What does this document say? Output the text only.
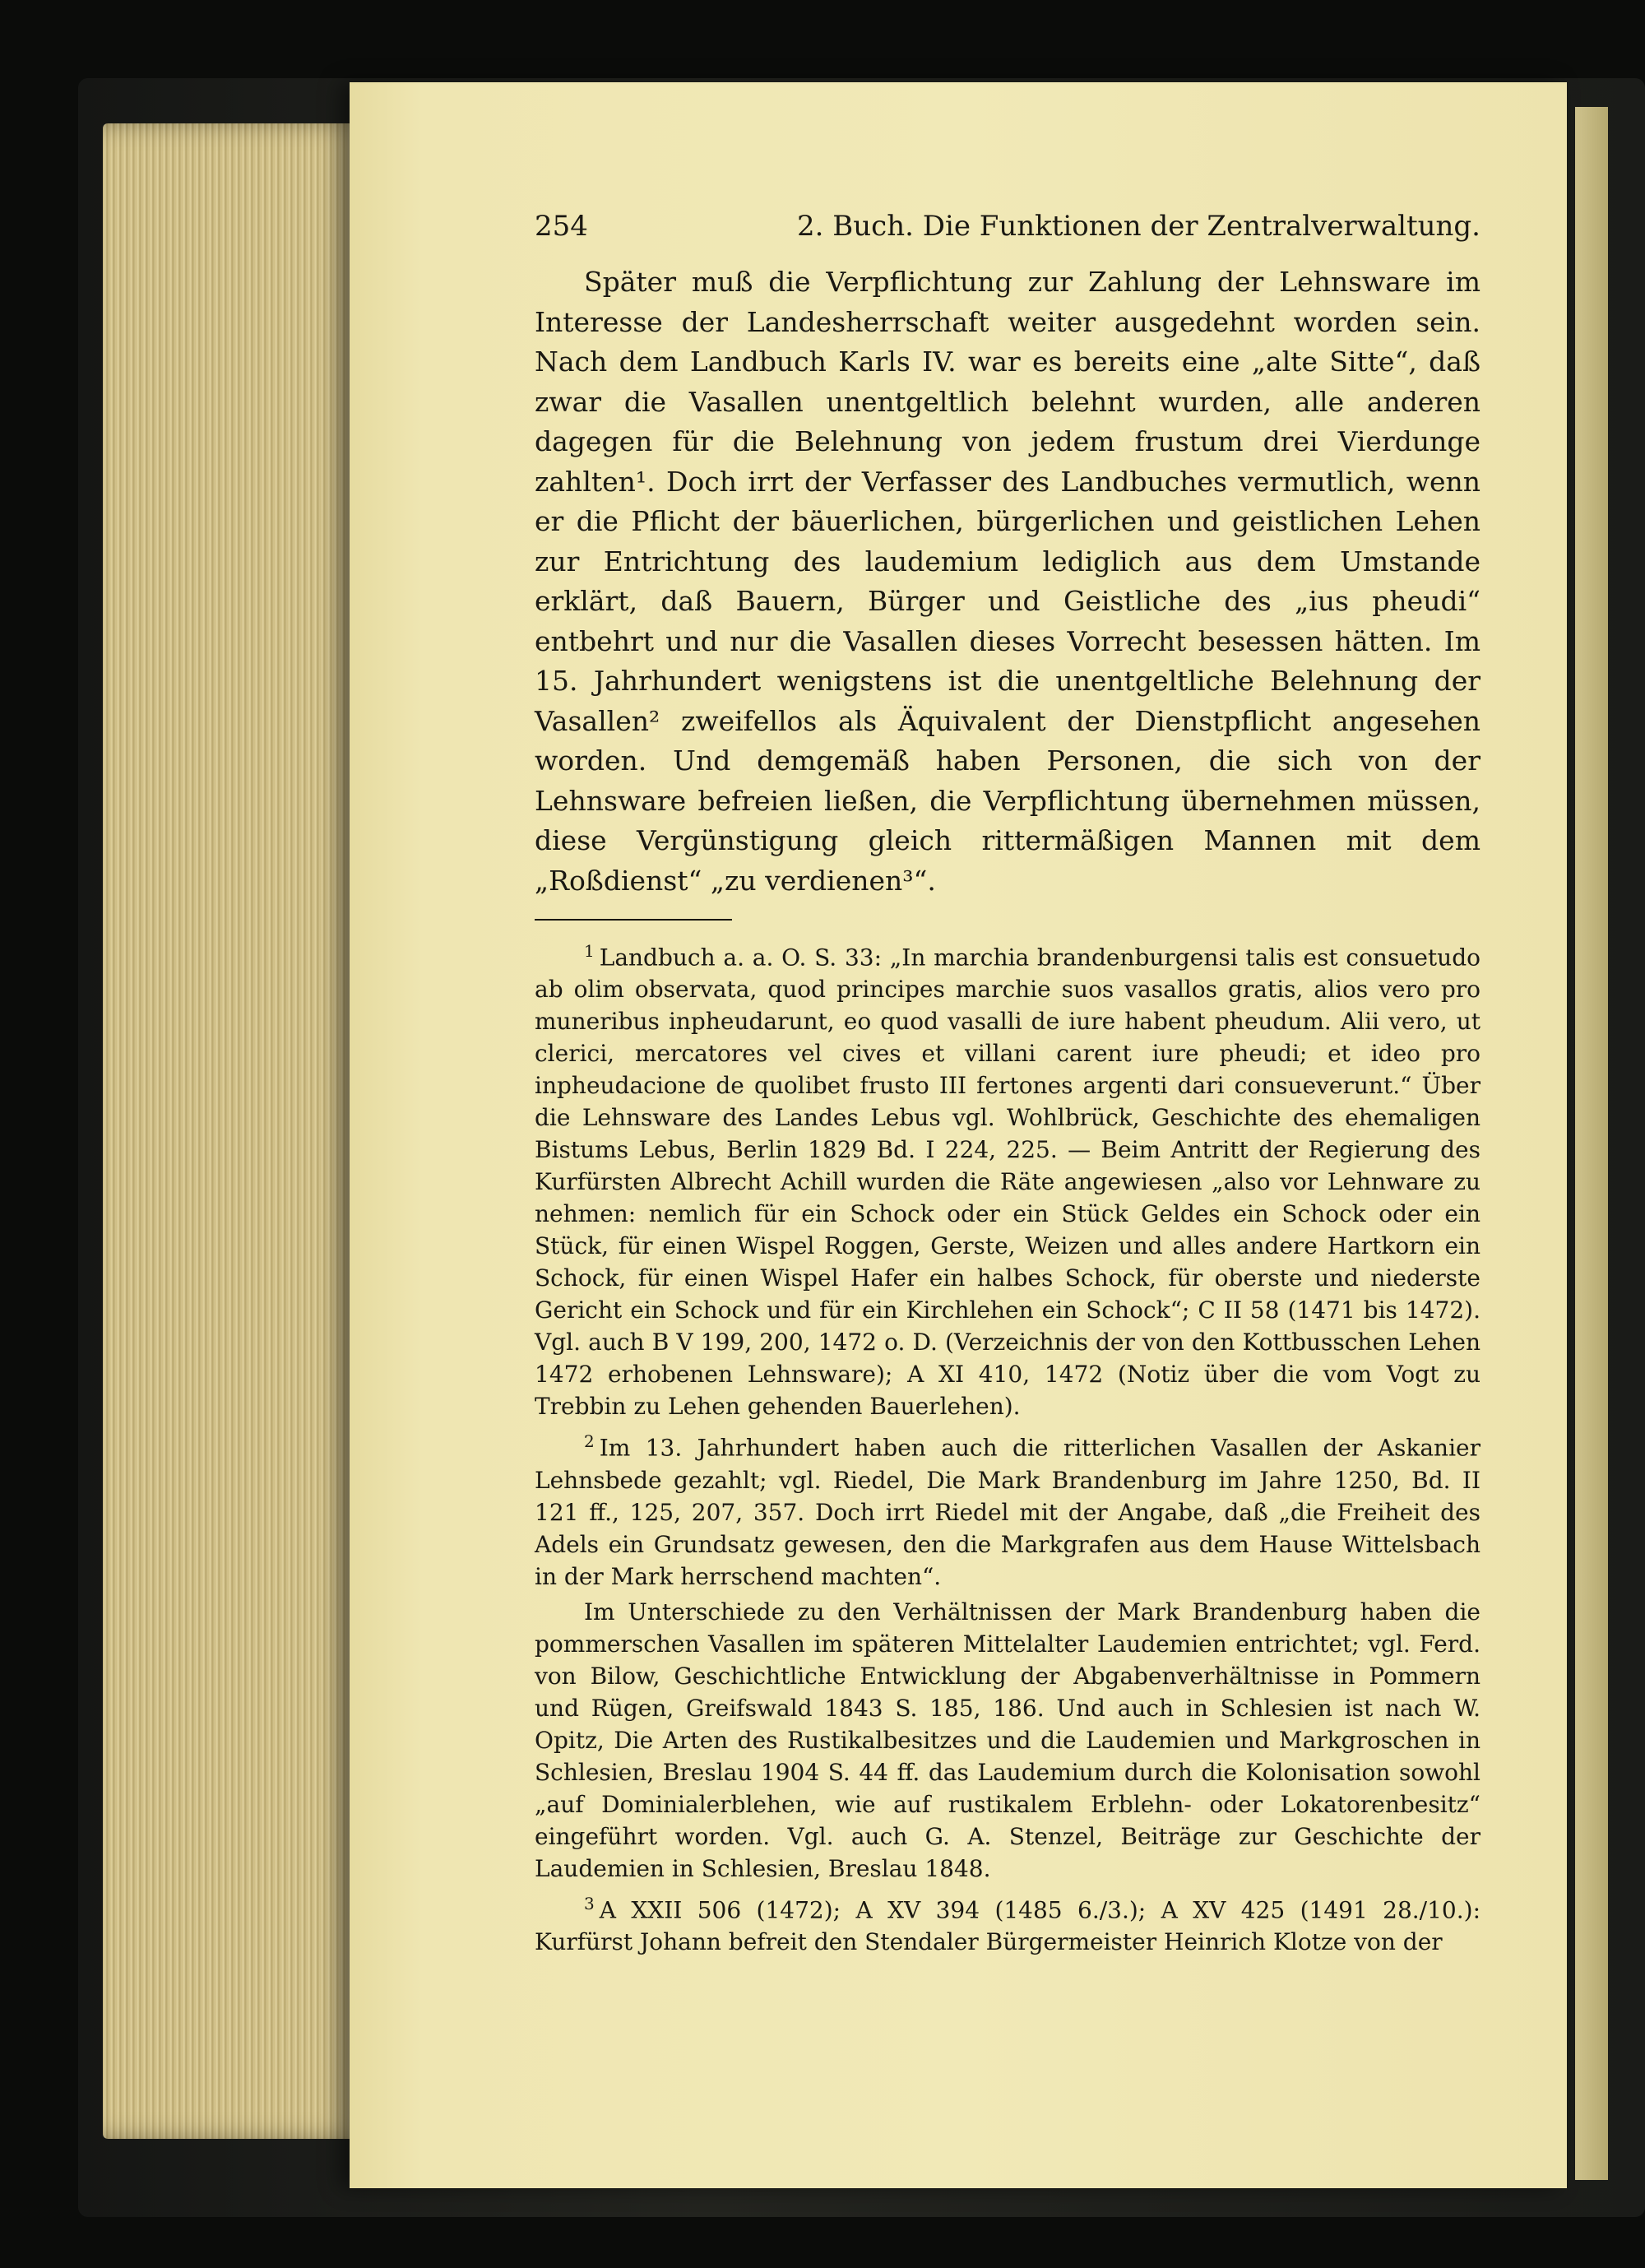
254	2. Buch. Die Funktionen der Zentralverwaltung.

Später muß die Verpflichtung zur Zahlung der Lehnsware im Interesse der Landesherrschaft weiter ausgedehnt worden sein. Nach dem Landbuch Karls IV. war es bereits eine „alte Sitte“, daß zwar die Vasallen unentgeltlich belehnt wurden, alle anderen dagegen für die Belehnung von jedem frustum drei Vierdunge zahlten¹. Doch irrt der Verfasser des Landbuches vermutlich, wenn er die Pflicht der bäuerlichen, bürgerlichen und geistlichen Lehen zur Entrichtung des laudemium lediglich aus dem Umstande erklärt, daß Bauern, Bürger und Geistliche des „ius pheudi“ entbehrt und nur die Vasallen dieses Vorrecht besessen hätten. Im 15. Jahrhundert wenigstens ist die unentgeltliche Belehnung der Vasallen² zweifellos als Äquivalent der Dienstpflicht angesehen worden. Und demgemäß haben Personen, die sich von der Lehnsware befreien ließen, die Verpflichtung übernehmen müssen, diese Vergünstigung gleich rittermäßigen Mannen mit dem „Roßdienst“ „zu verdienen³“.

$^1$ Landbuch a. a. O. S. 33: „In marchia brandenburgensi talis est consuetudo ab olim observata, quod principes marchie suos vasallos gratis, alios vero pro muneribus inpheudarunt, eo quod vasalli de iure habent pheudum. Alii vero, ut clerici, mercatores vel cives et villani carent iure pheudi; et ideo pro inpheudacione de quolibet frusto III fertones argenti dari consueverunt.“ Über die Lehnsware des Landes Lebus vgl. Wohlbrück, Geschichte des ehemaligen Bistums Lebus, Berlin 1829 Bd. I 224, 225. — Beim Antritt der Regierung des Kurfürsten Albrecht Achill wurden die Räte angewiesen „also vor Lehnware zu nehmen: nemlich für ein Schock oder ein Stück Geldes ein Schock oder ein Stück, für einen Wispel Roggen, Gerste, Weizen und alles andere Hartkorn ein Schock, für einen Wispel Hafer ein halbes Schock, für oberste und niederste Gericht ein Schock und für ein Kirchlehen ein Schock“; C II 58 (1471 bis 1472). Vgl. auch B V 199, 200, 1472 o. D. (Verzeichnis der von den Kottbusschen Lehen 1472 erhobenen Lehnsware); A XI 410, 1472 (Notiz über die vom Vogt zu Trebbin zu Lehen gehenden Bauerlehen).

$^2$ Im 13. Jahrhundert haben auch die ritterlichen Vasallen der Askanier Lehnsbede gezahlt; vgl. Riedel, Die Mark Brandenburg im Jahre 1250, Bd. II 121 ff., 125, 207, 357. Doch irrt Riedel mit der Angabe, daß „die Freiheit des Adels ein Grundsatz gewesen, den die Markgrafen aus dem Hause Wittelsbach in der Mark herrschend machten“.

Im Unterschiede zu den Verhältnissen der Mark Brandenburg haben die pommerschen Vasallen im späteren Mittelalter Laudemien entrichtet; vgl. Ferd. von Bilow, Geschichtliche Entwicklung der Abgabenverhältnisse in Pommern und Rügen, Greifswald 1843 S. 185, 186. Und auch in Schlesien ist nach W. Opitz, Die Arten des Rustikalbesitzes und die Laudemien und Markgroschen in Schlesien, Breslau 1904 S. 44 ff. das Laudemium durch die Kolonisation sowohl „auf Dominialerblehen, wie auf rustikalem Erblehn- oder Lokatorenbesitz“ eingeführt worden. Vgl. auch G. A. Stenzel, Beiträge zur Geschichte der Laudemien in Schlesien, Breslau 1848.

$^3$ A XXII 506 (1472); A XV 394 (1485 6./3.); A XV 425 (1491 28./10.): Kurfürst Johann befreit den Stendaler Bürgermeister Heinrich Klotze von der
